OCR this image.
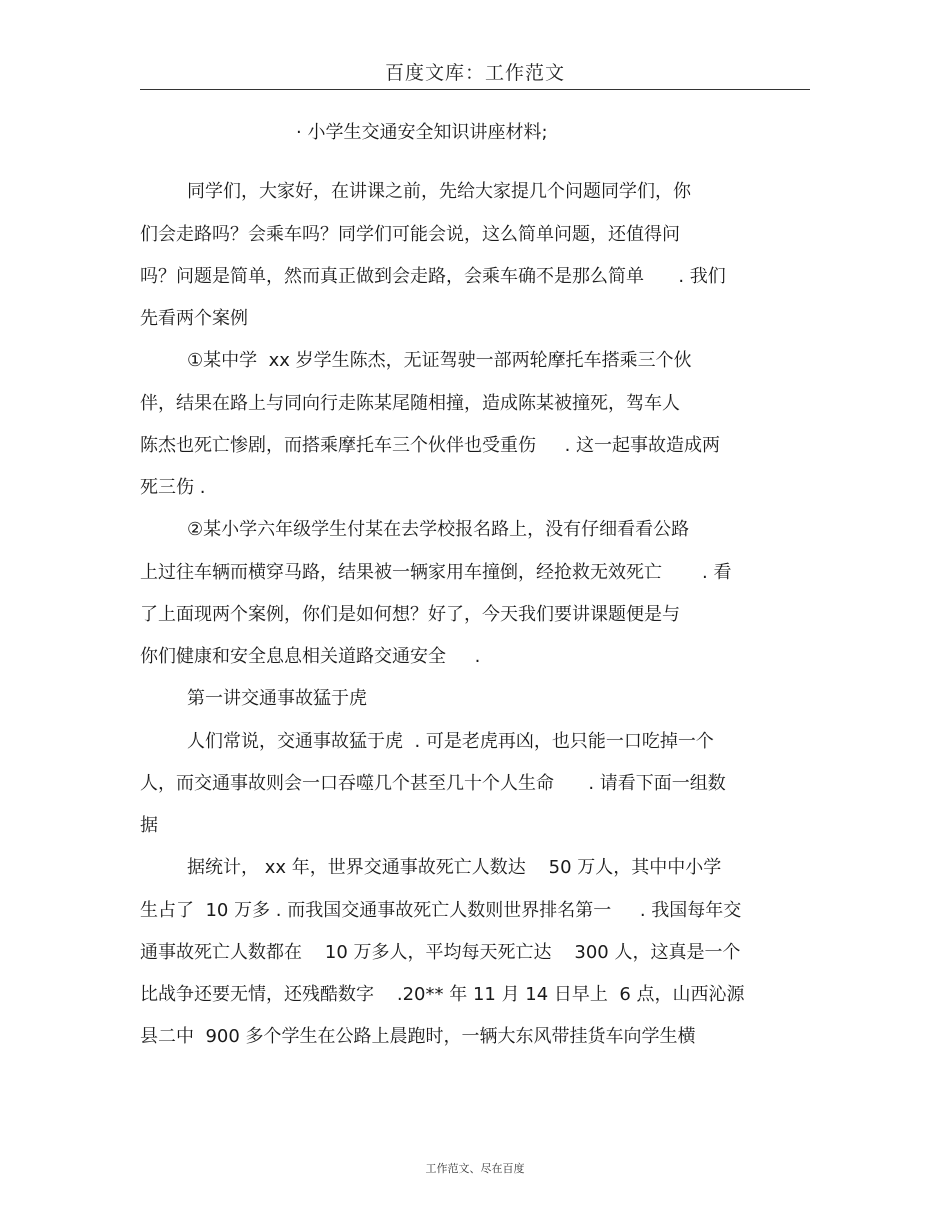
百度文库：工作范文
· 小学生交通安全知识讲座材料;
同学们，大家好，在讲课之前，先给大家提几个问题同学们，你
们会走路吗？会乘车吗？同学们可能会说，这么简单问题，还值得问
吗？问题是简单，然而真正做到会走路，会乘车确不是那么简单      . 我们
先看两个案例
①某中学  xx 岁学生陈杰，无证驾驶一部两轮摩托车搭乘三个伙
伴，结果在路上与同向行走陈某尾随相撞，造成陈某被撞死，驾车人
陈杰也死亡惨剧，而搭乘摩托车三个伙伴也受重伤     . 这一起事故造成两
死三伤 .
②某小学六年级学生付某在去学校报名路上，没有仔细看看公路
上过往车辆而横穿马路，结果被一辆家用车撞倒，经抢救无效死亡       . 看
了上面现两个案例，你们是如何想？好了，今天我们要讲课题便是与
你们健康和安全息息相关道路交通安全     .
第一讲交通事故猛于虎
人们常说，交通事故猛于虎  . 可是老虎再凶，也只能一口吃掉一个
人，而交通事故则会一口吞噬几个甚至几十个人生命      . 请看下面一组数
据
据统计， xx 年，世界交通事故死亡人数达    50 万人，其中中小学
生占了  10 万多 . 而我国交通事故死亡人数则世界排名第一     . 我国每年交
通事故死亡人数都在    10 万多人，平均每天死亡达    300 人，这真是一个
比战争还要无情，还残酷数字    .20** 年 11 月 14 日早上  6 点，山西沁源
县二中  900 多个学生在公路上晨跑时，一辆大东风带挂货车向学生横
工作范文、尽在百度
